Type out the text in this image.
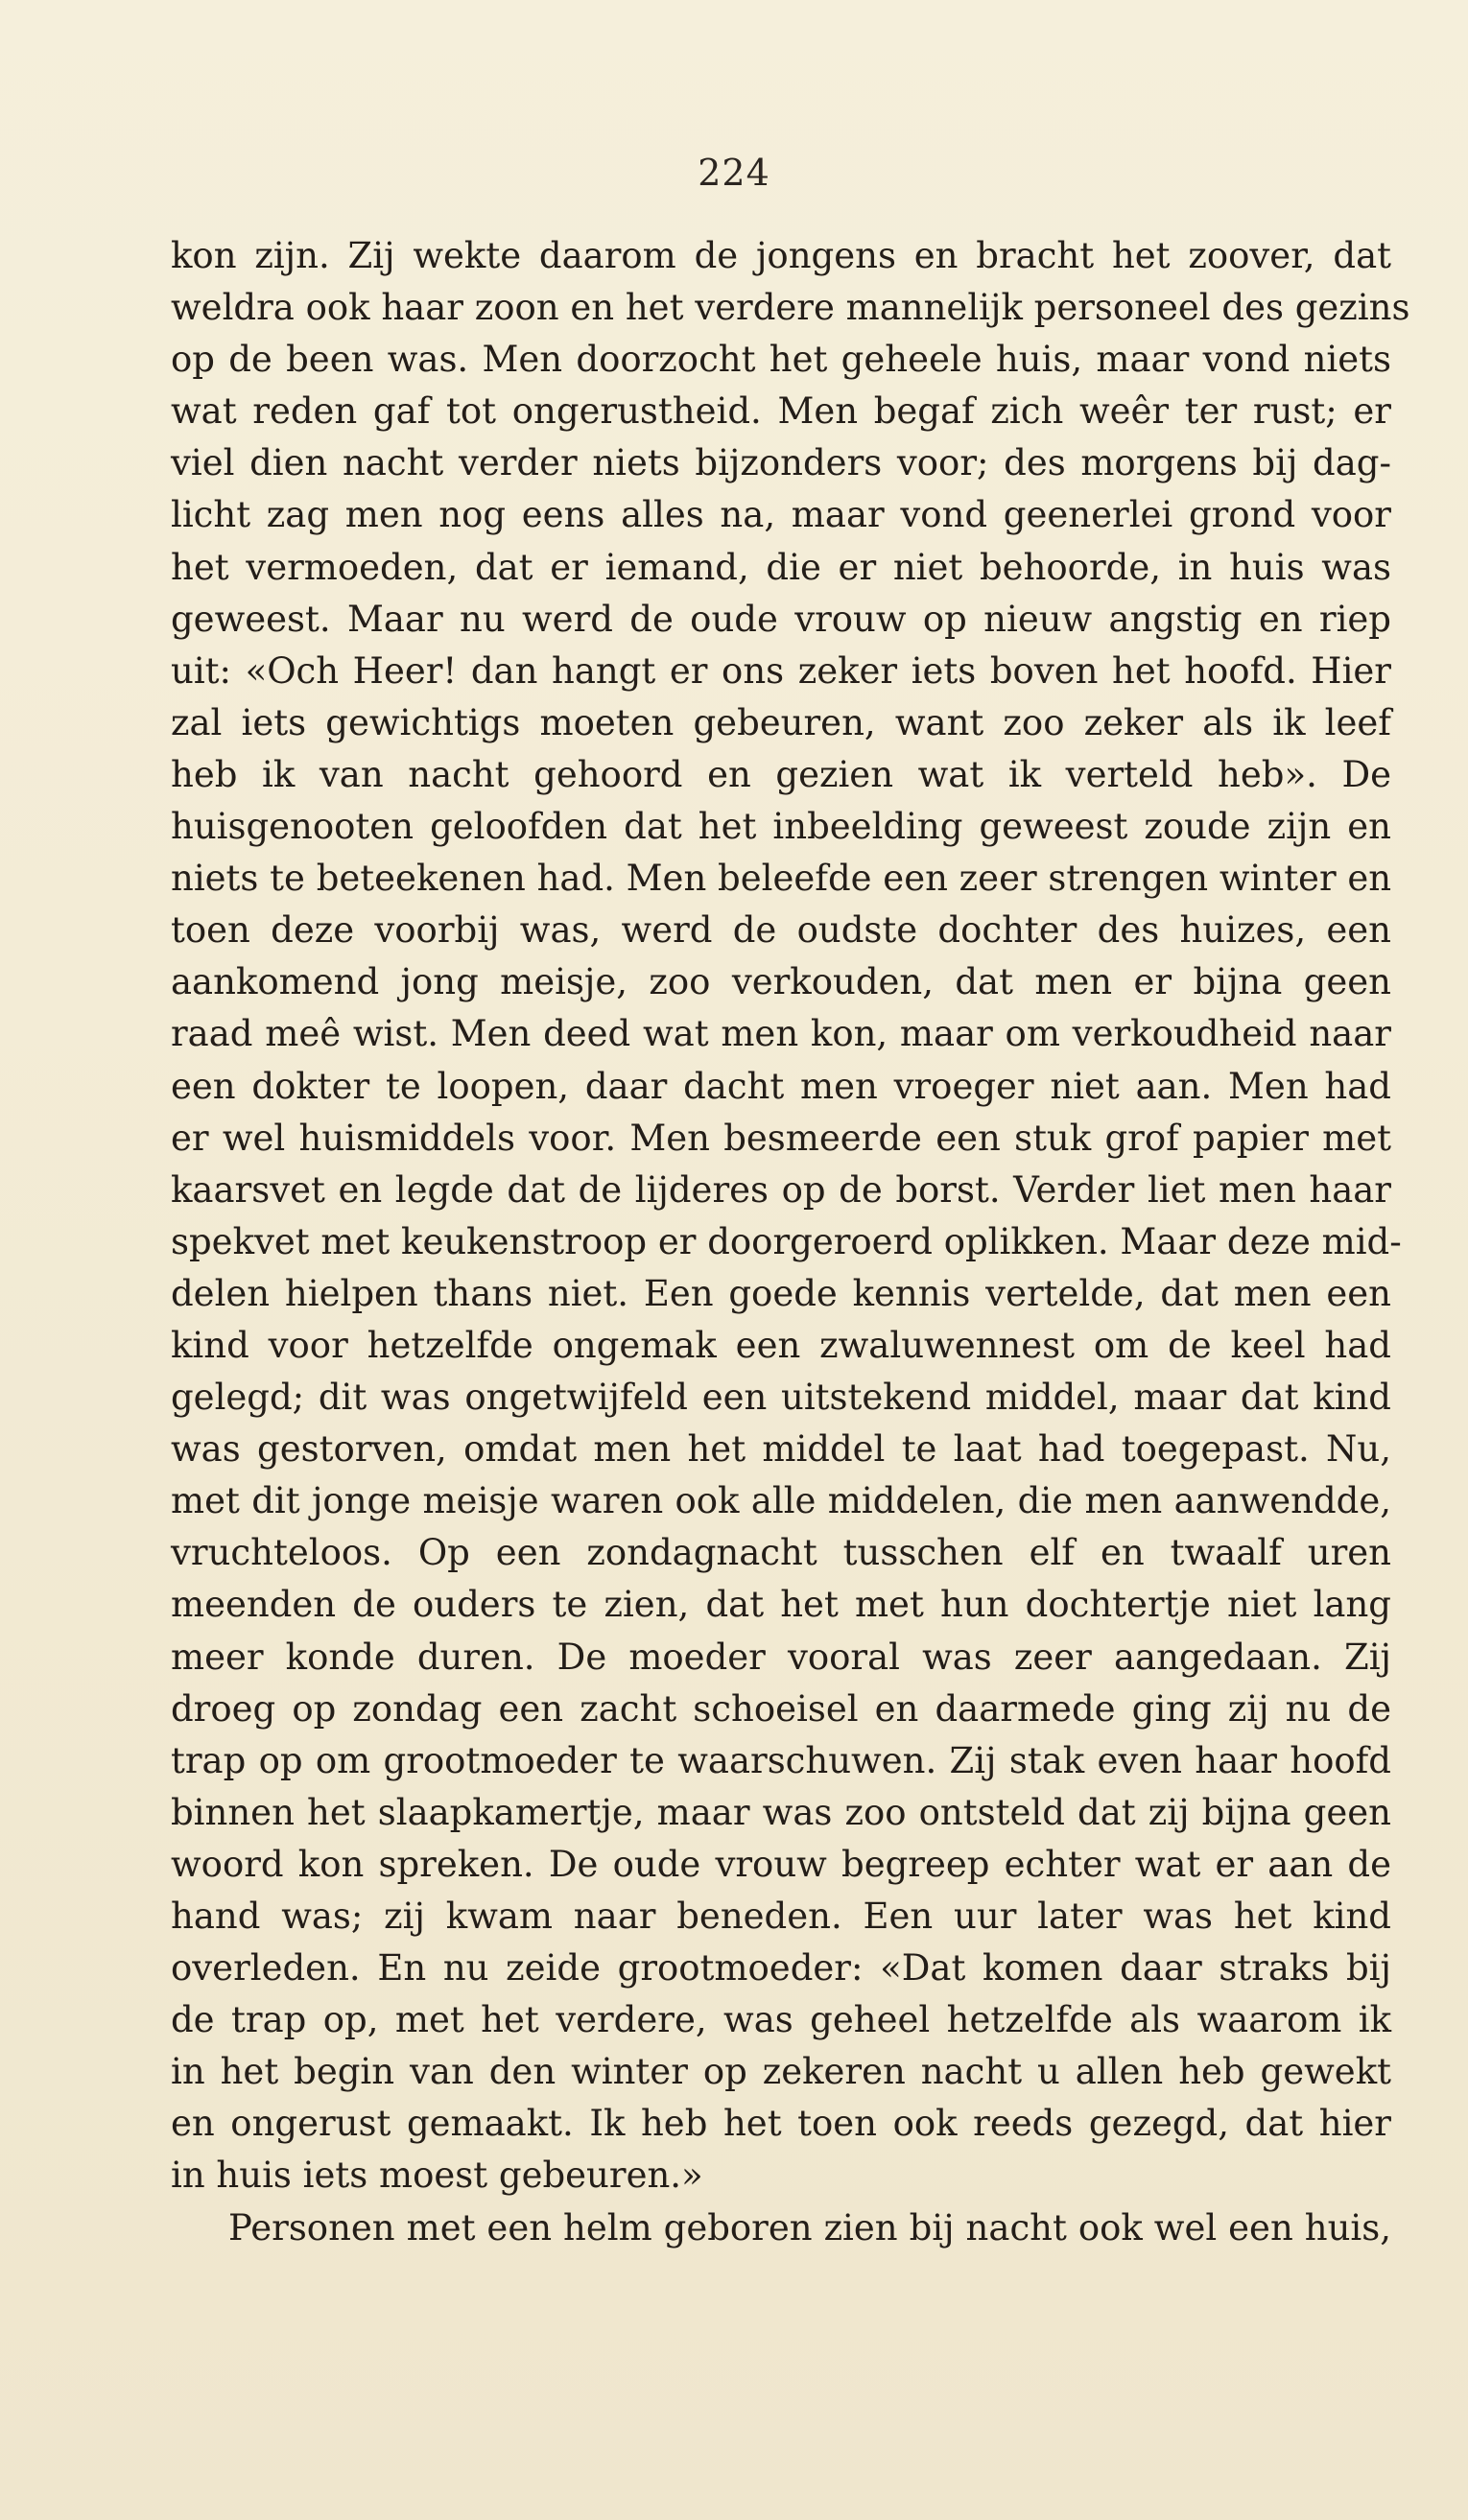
224
kon zijn. Zij wekte daarom de jongens en bracht het zoover, dat
weldra ook haar zoon en het verdere mannelijk personeel des gezins
op de been was. Men doorzocht het geheele huis, maar vond niets
wat reden gaf tot ongerustheid. Men begaf zich weêr ter rust; er
viel dien nacht verder niets bijzonders voor; des morgens bij dag-
licht zag men nog eens alles na, maar vond geenerlei grond voor
het vermoeden, dat er iemand, die er niet behoorde, in huis was
geweest. Maar nu werd de oude vrouw op nieuw angstig en riep
uit: «Och Heer! dan hangt er ons zeker iets boven het hoofd. Hier
zal iets gewichtigs moeten gebeuren, want zoo zeker als ik leef
heb ik van nacht gehoord en gezien wat ik verteld heb». De
huisgenooten geloofden dat het inbeelding geweest zoude zijn en
niets te beteekenen had. Men beleefde een zeer strengen winter en
toen deze voorbij was, werd de oudste dochter des huizes, een
aankomend jong meisje, zoo verkouden, dat men er bijna geen
raad meê wist. Men deed wat men kon, maar om verkoudheid naar
een dokter te loopen, daar dacht men vroeger niet aan. Men had
er wel huismiddels voor. Men besmeerde een stuk grof papier met
kaarsvet en legde dat de lijderes op de borst. Verder liet men haar
spekvet met keukenstroop er doorgeroerd oplikken. Maar deze mid-
delen hielpen thans niet. Een goede kennis vertelde, dat men een
kind voor hetzelfde ongemak een zwaluwennest om de keel had
gelegd; dit was ongetwijfeld een uitstekend middel, maar dat kind
was gestorven, omdat men het middel te laat had toegepast. Nu,
met dit jonge meisje waren ook alle middelen, die men aanwendde,
vruchteloos. Op een zondagnacht tusschen elf en twaalf uren
meenden de ouders te zien, dat het met hun dochtertje niet lang
meer konde duren. De moeder vooral was zeer aangedaan. Zij
droeg op zondag een zacht schoeisel en daarmede ging zij nu de
trap op om grootmoeder te waarschuwen. Zij stak even haar hoofd
binnen het slaapkamertje, maar was zoo ontsteld dat zij bijna geen
woord kon spreken. De oude vrouw begreep echter wat er aan de
hand was; zij kwam naar beneden. Een uur later was het kind
overleden. En nu zeide grootmoeder: «Dat komen daar straks bij
de trap op, met het verdere, was geheel hetzelfde als waarom ik
in het begin van den winter op zekeren nacht u allen heb gewekt
en ongerust gemaakt. Ik heb het toen ook reeds gezegd, dat hier
in huis iets moest gebeuren.»
Personen met een helm geboren zien bij nacht ook wel een huis,
